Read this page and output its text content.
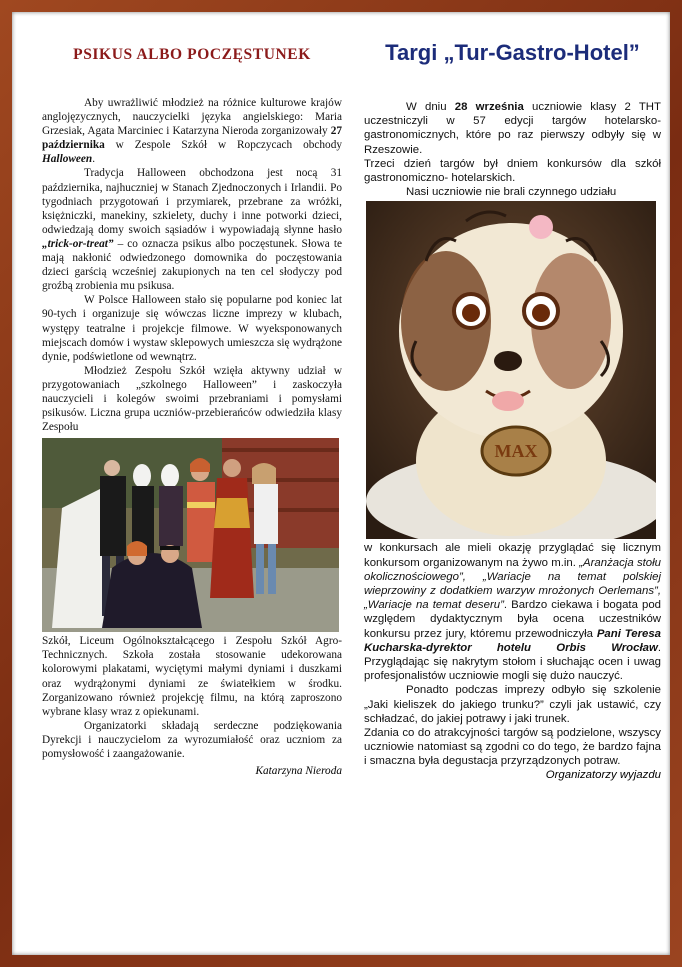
PSIKUS ALBO POCZĘSTUNEK

Aby uwrażliwić młodzież na różnice kulturowe krajów anglojęzycznych, nauczycielki języka angielskiego: Maria Grzesiak, Agata Marciniec i Katarzyna Nieroda zorganizowały 27 października w Zespole Szkół w Ropczycach obchody Halloween.

Tradycja Halloween obchodzona jest nocą 31 października, najhuczniej w Stanach Zjednoczonych i Irlandii. Po tygodniach przygotowań i przymiarek, przebrane za wróżki, księżniczki, manekiny, szkielety, duchy i inne potworki dzieci, odwiedzają domy swoich sąsiadów i wypowiadają słynne hasło „trick-or-treat” – co oznacza psikus albo poczęstunek. Słowa te mają nakłonić odwiedzonego domownika do poczęstowania dzieci garścią wcześniej zakupionych na ten cel słodyczy pod groźbą zrobienia mu psikusa.

W Polsce Halloween stało się popularne pod koniec lat 90-tych i organizuje się wówczas liczne imprezy w klubach, występy teatralne i projekcje filmowe. W wyeksponowanych miejscach domów i wystaw sklepowych umieszcza się wydrążone dynie, podświetlone od wewnątrz.

Młodzież Zespołu Szkół wzięła aktywny udział w przygotowaniach „szkolnego Halloween” i zaskoczyła nauczycieli i kolegów swoimi przebraniami i pomysłami psikusów. Liczna grupa uczniów-przebierańców odwiedziła klasy Zespołu

Szkół, Liceum Ogólnokształcącego i Zespołu Szkół Agro-Technicznych. Szkoła została stosowanie udekorowana kolorowymi plakatami, wyciętymi małymi dyniami i duszkami oraz wydrążonymi dyniami ze światełkiem w środku. Zorganizowano również projekcję filmu, na którą zaproszono wybrane klasy wraz z opiekunami.

Organizatorki składają serdeczne podziękowania Dyrekcji i nauczycielom za wyrozumiałość oraz uczniom za pomysłowość i zaangażowanie.

Katarzyna Nieroda

Targi „Tur-Gastro-Hotel”

W dniu 28 września uczniowie klasy 2 THT uczestniczyli w 57 edycji targów hotelarsko-gastronomicznych, które po raz pierwszy odbyły się w Rzeszowie.

Trzeci dzień targów był dniem konkursów dla szkół gastronomiczno- hotelarskich.

Nasi uczniowie nie brali czynnego udziału

MAX

w konkursach ale mieli okazję przyglądać się licznym konkursom organizowanym na żywo m.in. „Aranżacja stołu okolicznościowego”, „Wariacje na temat polskiej wieprzowiny z dodatkiem warzyw mrożonych Oerlemans”, „Wariacje na temat deseru”. Bardzo ciekawa i bogata pod względem dydaktycznym była ocena uczestników konkursu przez jury, któremu przewodniczyła Pani Teresa Kucharska-dyrektor hotelu Orbis Wrocław. Przyglądając się nakrytym stołom i słuchając ocen i uwag profesjonalistów uczniowie mogli się dużo nauczyć.

Ponadto podczas imprezy odbyło się szkolenie „Jaki kieliszek do jakiego trunku?” czyli jak ustawić, czy schładzać, do jakiej potrawy i jaki trunek.

Zdania co do atrakcyjności targów są podzielone, wszyscy uczniowie natomiast są zgodni co do tego, że bardzo fajna i smaczna była degustacja przyrządzonych potraw.

Organizatorzy wyjazdu
